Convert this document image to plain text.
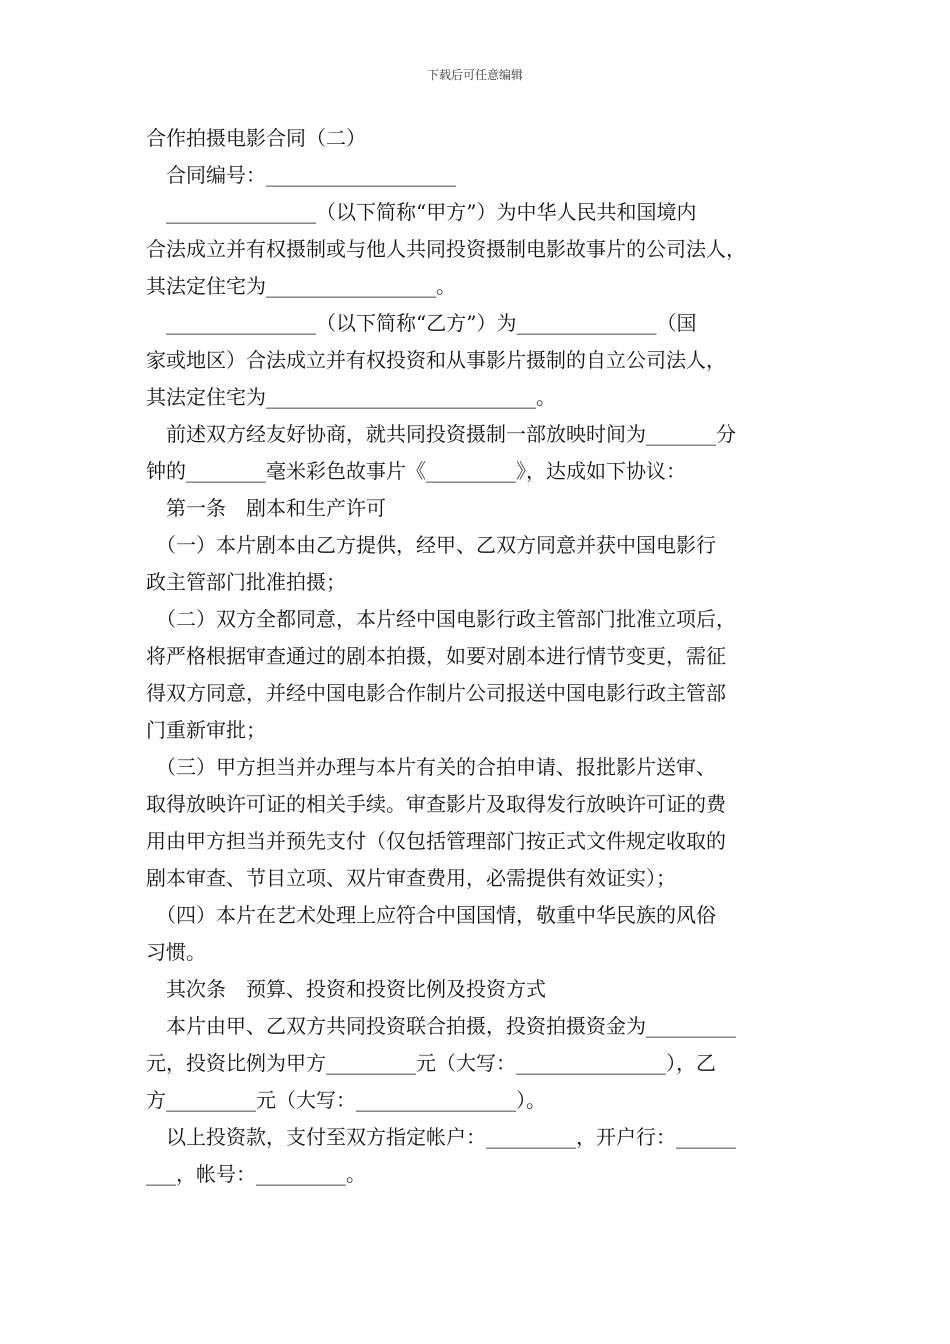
下载后可任意编辑

合作拍摄电影合同（二）

　合同编号：___________________

　_______________（以下简称“甲方”）为中华人民共和国境内

合法成立并有权摄制或与他人共同投资摄制电影故事片的公司法人，

其法定住宅为_________________。

　_______________（以下简称“乙方”）为______________（国

家或地区）合法成立并有权投资和从事影片摄制的自立公司法人，

其法定住宅为___________________________。

　前述双方经友好协商，就共同投资摄制一部放映时间为_______分

钟的________毫米彩色故事片《_________》，达成如下协议：

　第一条　剧本和生产许可

　（一）本片剧本由乙方提供，经甲、乙双方同意并获中国电影行

政主管部门批准拍摄；

　（二）双方全都同意，本片经中国电影行政主管部门批准立项后，

将严格根据审查通过的剧本拍摄，如要对剧本进行情节变更，需征

得双方同意，并经中国电影合作制片公司报送中国电影行政主管部

门重新审批；

　（三）甲方担当并办理与本片有关的合拍申请、报批影片送审、

取得放映许可证的相关手续。审查影片及取得发行放映许可证的费

用由甲方担当并预先支付（仅包括管理部门按正式文件规定收取的

剧本审查、节目立项、双片审查费用，必需提供有效证实）；

　（四）本片在艺术处理上应符合中国国情，敬重中华民族的风俗

习惯。

　其次条　预算、投资和投资比例及投资方式

　本片由甲、乙双方共同投资联合拍摄，投资拍摄资金为_________

元，投资比例为甲方_________元（大写：_______________），乙

方_________元（大写：________________）。

　以上投资款，支付至双方指定帐户：_________，开户行：______

___，帐号：_________。
